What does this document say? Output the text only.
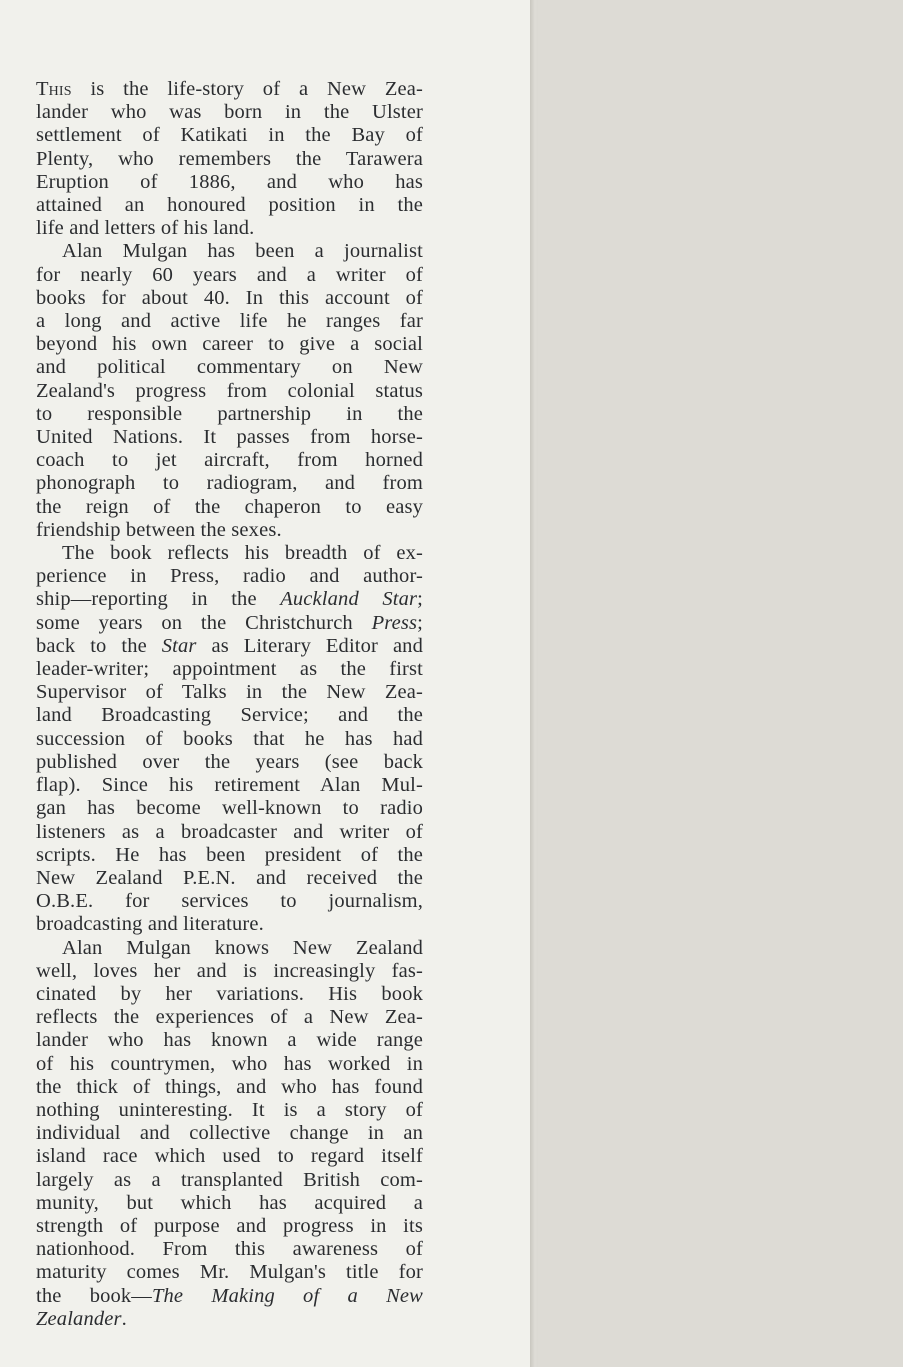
This is the life-story of a New Zea-
lander who was born in the Ulster
settlement of Katikati in the Bay of
Plenty, who remembers the Tarawera
Eruption of 1886, and who has
attained an honoured position in the
life and letters of his land.
Alan Mulgan has been a journalist
for nearly 60 years and a writer of
books for about 40. In this account of
a long and active life he ranges far
beyond his own career to give a social
and political commentary on New
Zealand's progress from colonial status
to responsible partnership in the
United Nations. It passes from horse-
coach to jet aircraft, from horned
phonograph to radiogram, and from
the reign of the chaperon to easy
friendship between the sexes.
The book reflects his breadth of ex-
perience in Press, radio and author-
ship—reporting in the Auckland Star;
some years on the Christchurch Press;
back to the Star as Literary Editor and
leader-writer; appointment as the first
Supervisor of Talks in the New Zea-
land Broadcasting Service; and the
succession of books that he has had
published over the years (see back
flap). Since his retirement Alan Mul-
gan has become well-known to radio
listeners as a broadcaster and writer of
scripts. He has been president of the
New Zealand P.E.N. and received the
O.B.E. for services to journalism,
broadcasting and literature.
Alan Mulgan knows New Zealand
well, loves her and is increasingly fas-
cinated by her variations. His book
reflects the experiences of a New Zea-
lander who has known a wide range
of his countrymen, who has worked in
the thick of things, and who has found
nothing uninteresting. It is a story of
individual and collective change in an
island race which used to regard itself
largely as a transplanted British com-
munity, but which has acquired a
strength of purpose and progress in its
nationhood. From this awareness of
maturity comes Mr. Mulgan's title for
the book—The Making of a New
Zealander.
